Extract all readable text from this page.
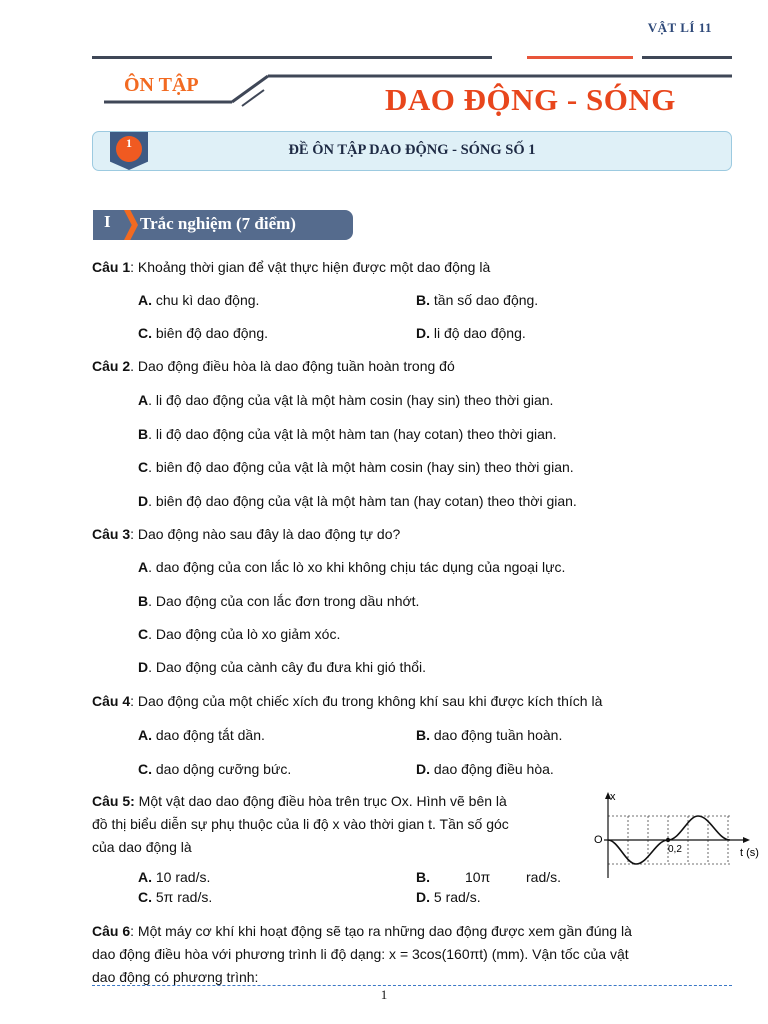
VẬT LÍ 11
ÔN TẬP	DAO ĐỘNG - SÓNG
ĐỀ ÔN TẬP DAO ĐỘNG - SÓNG SỐ 1
1
I Trắc nghiệm (7 điểm)
Câu 1: Khoảng thời gian để vật thực hiện được một dao động là
A. chu kì dao động.	B. tần số dao động.
C. biên độ dao động.	D. li độ dao động.
Câu 2. Dao động điều hòa là dao động tuần hoàn trong đó
A. li độ dao động của vật là một hàm cosin (hay sin) theo thời gian.
B. li độ dao động của vật là một hàm tan (hay cotan) theo thời gian.
C. biên độ dao động của vật là một hàm cosin (hay sin) theo thời gian.
D. biên độ dao động của vật là một hàm tan (hay cotan) theo thời gian.
Câu 3: Dao động nào sau đây là dao động tự do?
A. dao động của con lắc lò xo khi không chịu tác dụng của ngoại lực.
B. Dao động của con lắc đơn trong dầu nhớt.
C. Dao động của lò xo giảm xóc.
D. Dao động của cành cây đu đưa khi gió thổi.
Câu 4: Dao động của một chiếc xích đu trong không khí sau khi được kích thích là
A. dao động tắt dần.	B. dao động tuần hoàn.
C. dao dộng cưỡng bức.	D. dao động điều hòa.
Câu 5: Một vật dao dao động điều hòa trên trục Ox. Hình vẽ bên là
đồ thị biểu diễn sự phụ thuộc của li độ x vào thời gian t. Tần số góc
của dao động là
A. 10 rad/s.	B.	10π	rad/s.
C. 5π rad/s.	D. 5 rad/s.
x
O
0,2	t (s)
Câu 6: Một máy cơ khí khi hoạt động sẽ tạo ra những dao động được xem gần đúng là
dao động điều hòa với phương trình li độ dạng: x = 3cos(160πt) (mm). Vận tốc của vật
dao động có phương trình:
1
